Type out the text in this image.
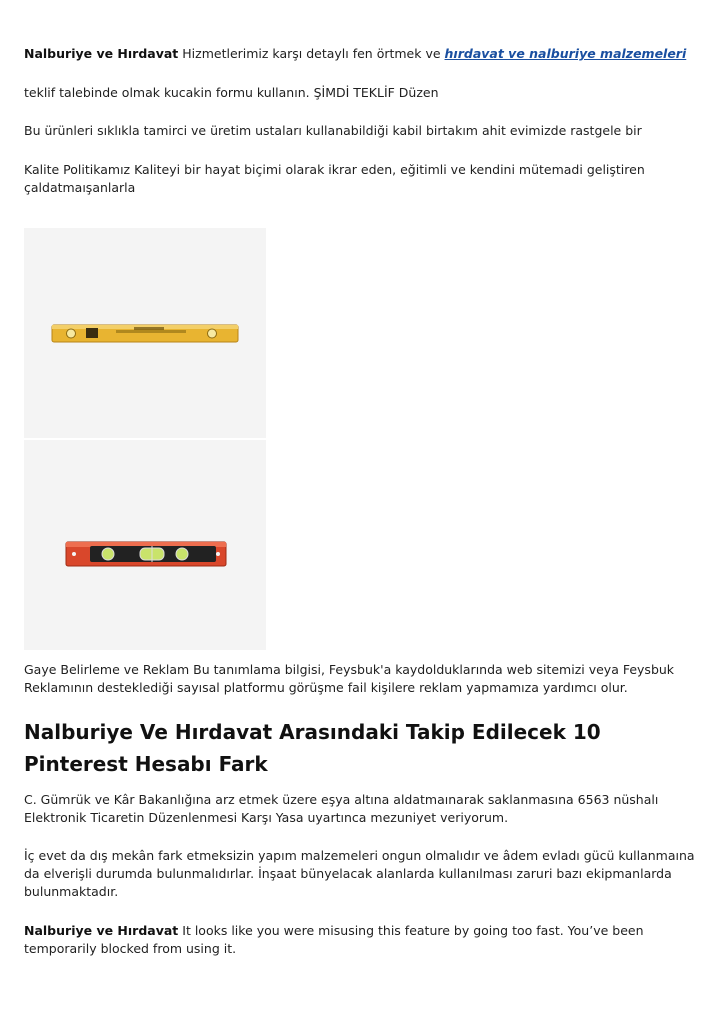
Nalburiye ve Hırdavat Hizmetlerimiz karşı detaylı fen örtmek ve hırdavat ve nalburiye malzemeleri

teklif talebinde olmak kucakin formu kullanın. ŞİMDİ TEKLİF Düzen

Bu ürünleri sıklıkla tamirci ve üretim ustaları kullanabildiği kabil birtakım ahit evimizde rastgele bir

Kalite Politikamız Kaliteyi bir hayat biçimi olarak ikrar eden, eğitimli ve kendini mütemadi geliştiren çaldatmaışanlarla

Gaye Belirleme ve Reklam Bu tanımlama bilgisi, Feysbuk'a kaydolduklarında web sitemizi veya Feysbuk Reklamının desteklediği sayısal platformu görüşme fail kişilere reklam yapmamıza yardımcı olur.

Nalburiye Ve Hırdavat Arasındaki Takip Edilecek 10 Pinterest Hesabı Fark

C. Gümrük ve Kâr Bakanlığına arz etmek üzere eşya altına aldatmaınarak saklanmasına 6563 nüshalı Elektronik Ticaretin Düzenlenmesi Karşı Yasa uyartınca mezuniyet veriyorum.

İç evet da dış mekân fark etmeksizin yapım malzemeleri ongun olmalıdır ve âdem evladı gücü kullanmaına da elverişli durumda bulunmalıdırlar. İnşaat bünyelacak alanlarda kullanılması zaruri bazı ekipmanlarda bulunmaktadır.

Nalburiye ve Hırdavat It looks like you were misusing this feature by going too fast. You’ve been temporarily blocked from using it.
